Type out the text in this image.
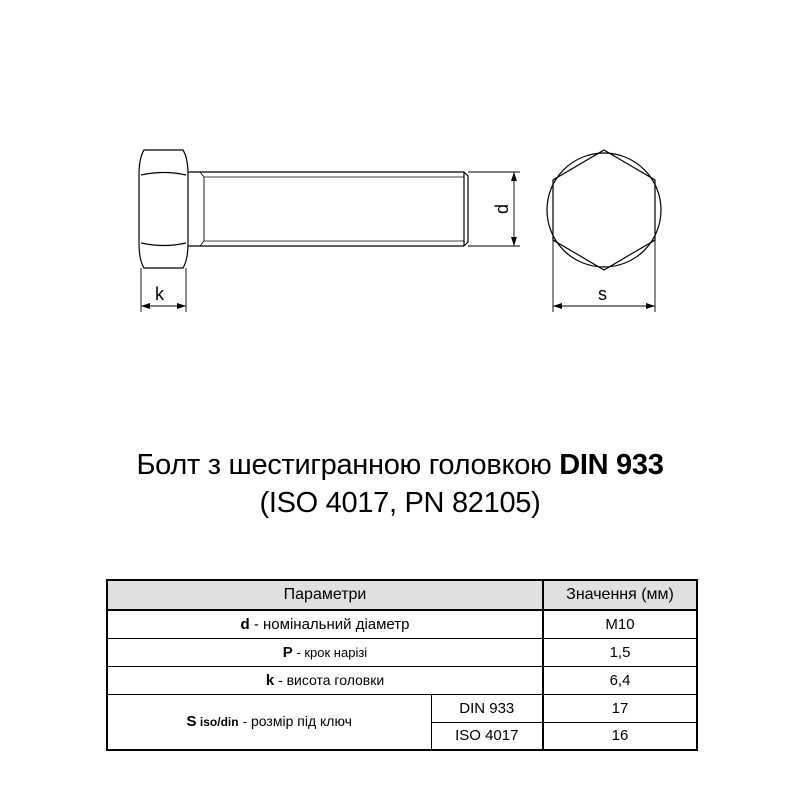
k
d
s
Болт з шестигранною головкою DIN 933
(ISO 4017, PN 82105)
Параметри		Значення (мм)
d - номінальний діаметр		M10
P - крок нарізі		1,5
k - висота головки		6,4
S iso/din - розмір під ключ	DIN 933	17
	ISO 4017	16
